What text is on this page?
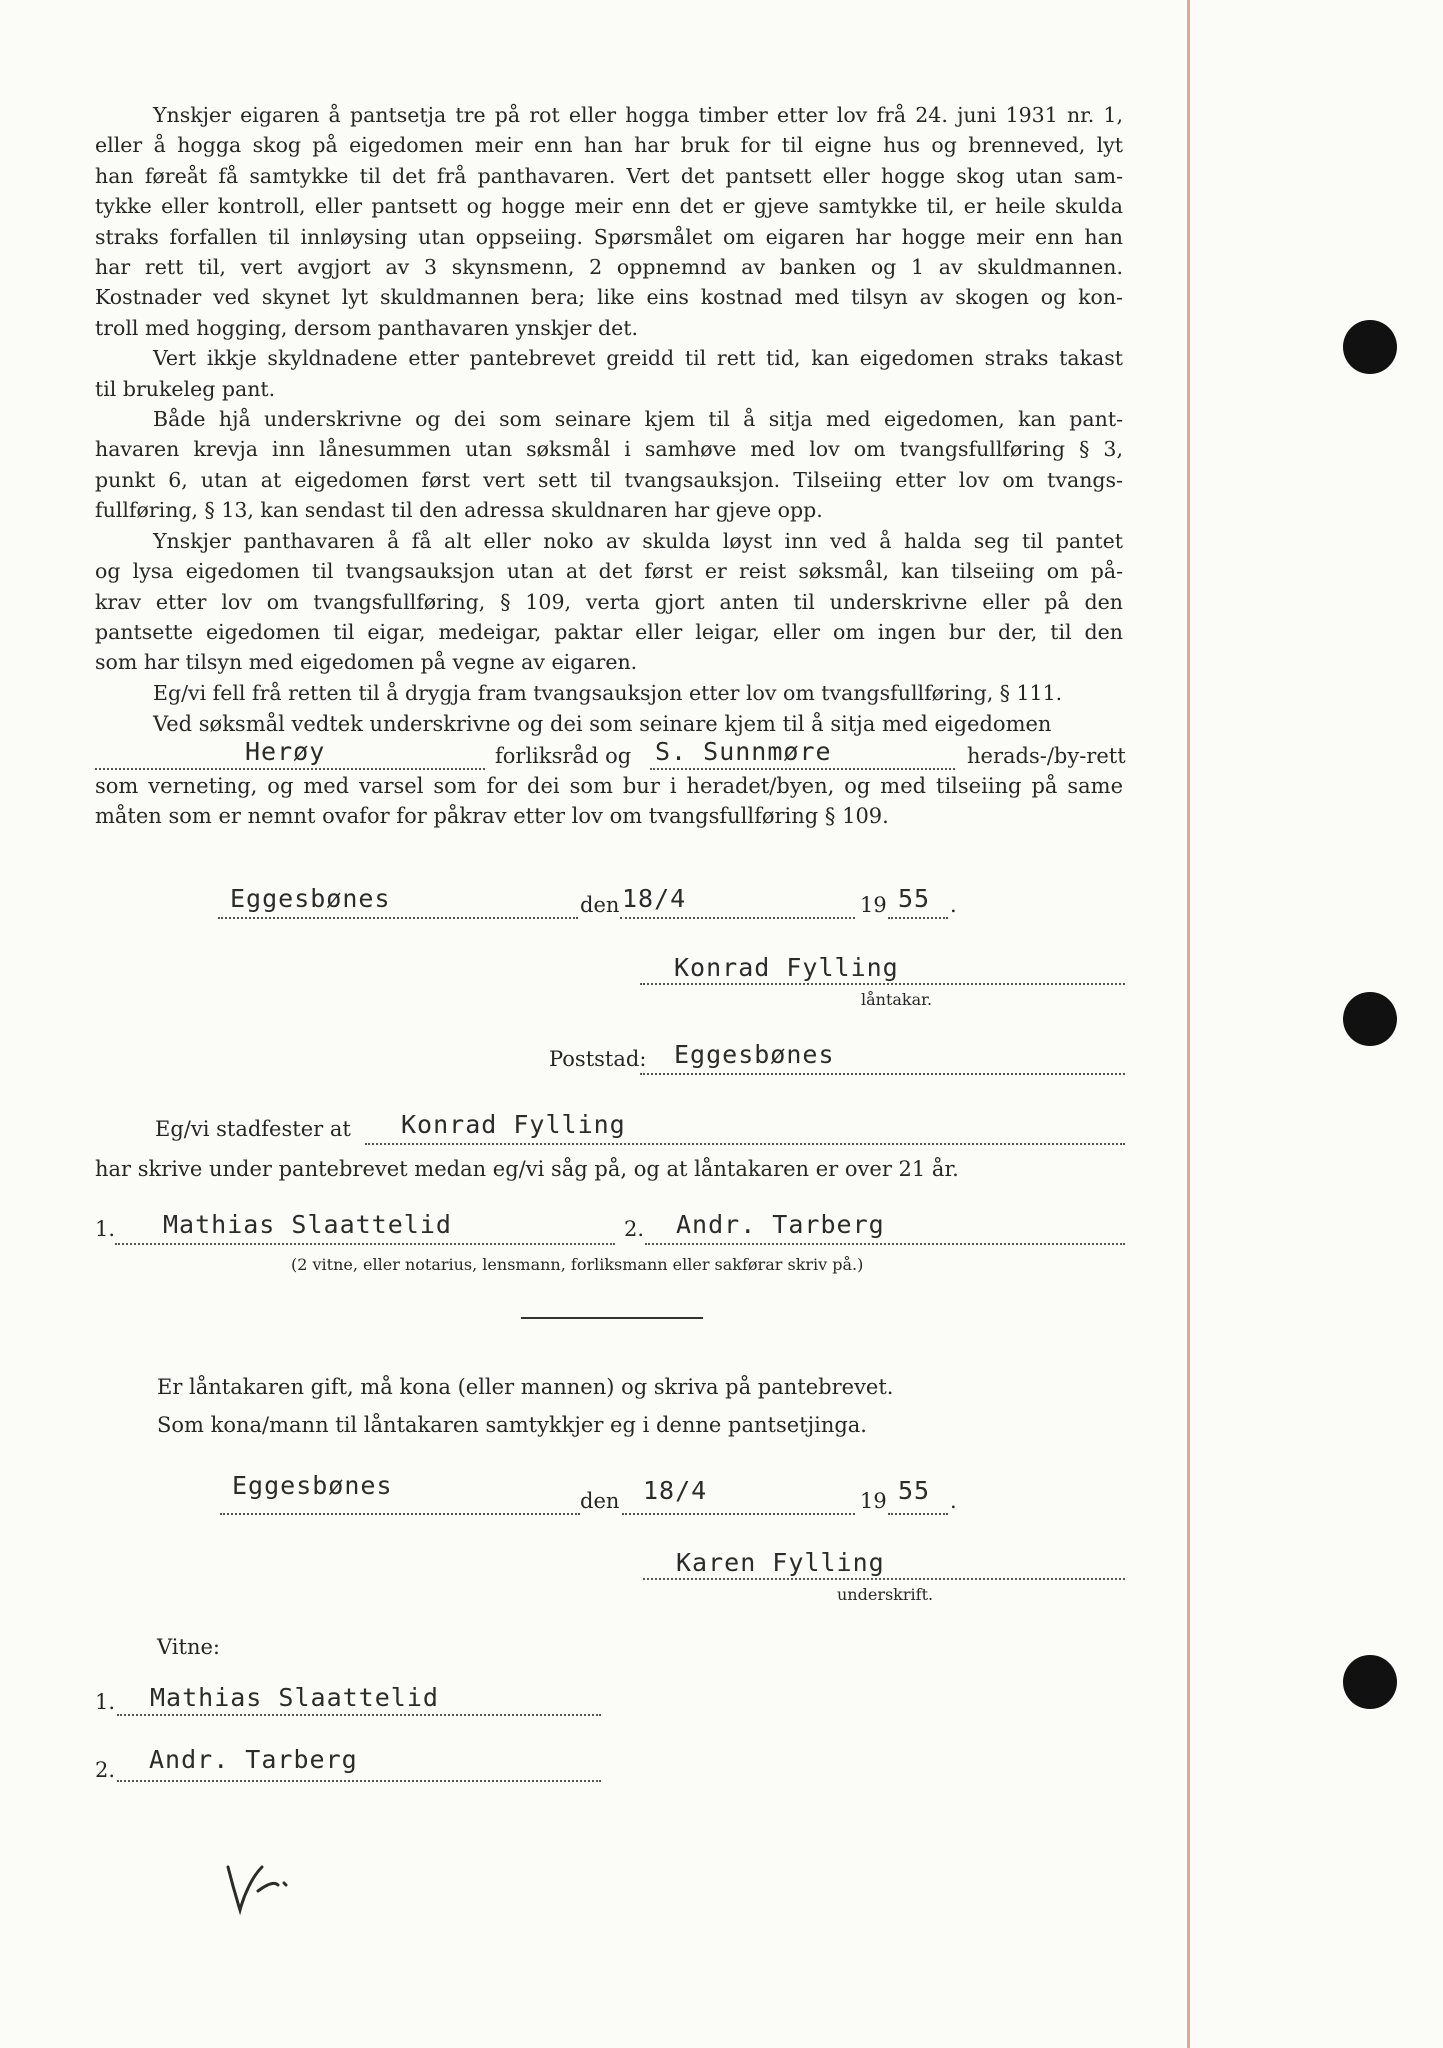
Ynskjer eigaren å pantsetja tre på rot eller hogga timber etter lov frå 24. juni 1931 nr. 1,
eller å hogga skog på eigedomen meir enn han har bruk for til eigne hus og brenneved, lyt
han føreåt få samtykke til det frå panthavaren. Vert det pantsett eller hogge skog utan sam-
tykke eller kontroll, eller pantsett og hogge meir enn det er gjeve samtykke til, er heile skulda
straks forfallen til innløysing utan oppseiing. Spørsmålet om eigaren har hogge meir enn han
har rett til, vert avgjort av 3 skynsmenn, 2 oppnemnd av banken og 1 av skuldmannen.
Kostnader ved skynet lyt skuldmannen bera; like eins kostnad med tilsyn av skogen og kon-
troll med hogging, dersom panthavaren ynskjer det.
Vert ikkje skyldnadene etter pantebrevet greidd til rett tid, kan eigedomen straks takast
til brukeleg pant.
Både hjå underskrivne og dei som seinare kjem til å sitja med eigedomen, kan pant-
havaren krevja inn lånesummen utan søksmål i samhøve med lov om tvangsfullføring § 3,
punkt 6, utan at eigedomen først vert sett til tvangsauksjon. Tilseiing etter lov om tvangs-
fullføring, § 13, kan sendast til den adressa skuldnaren har gjeve opp.
Ynskjer panthavaren å få alt eller noko av skulda løyst inn ved å halda seg til pantet
og lysa eigedomen til tvangsauksjon utan at det først er reist søksmål, kan tilseiing om på-
krav etter lov om tvangsfullføring, § 109, verta gjort anten til underskrivne eller på den
pantsette eigedomen til eigar, medeigar, paktar eller leigar, eller om ingen bur der, til den
som har tilsyn med eigedomen på vegne av eigaren.
Eg/vi fell frå retten til å drygja fram tvangsauksjon etter lov om tvangsfullføring, § 111.
Ved søksmål vedtek underskrivne og dei som seinare kjem til å sitja med eigedomen
Herøy	forliksråd og S. Sunnmøre	herads-/by-rett
som verneting, og med varsel som for dei som bur i heradet/byen, og med tilseiing på same
måten som er nemnt ovafor for påkrav etter lov om tvangsfullføring § 109.
Eggesbønes	den 18/4	19 55 .
Konrad Fylling
låntakar.
Poststad: Eggesbønes
Eg/vi stadfester at Konrad Fylling
har skrive under pantebrevet medan eg/vi såg på, og at låntakaren er over 21 år.
1. Mathias Slaattelid	2. Andr. Tarberg
(2 vitne, eller notarius, lensmann, forliksmann eller sakførar skriv på.)
Er låntakaren gift, må kona (eller mannen) og skriva på pantebrevet.
Som kona/mann til låntakaren samtykkjer eg i denne pantsetjinga.
Eggesbønes
den 18/4	19 55 .
Karen Fylling
underskrift.
Vitne:
1. Mathias Slaattelid
2. Andr. Tarberg
